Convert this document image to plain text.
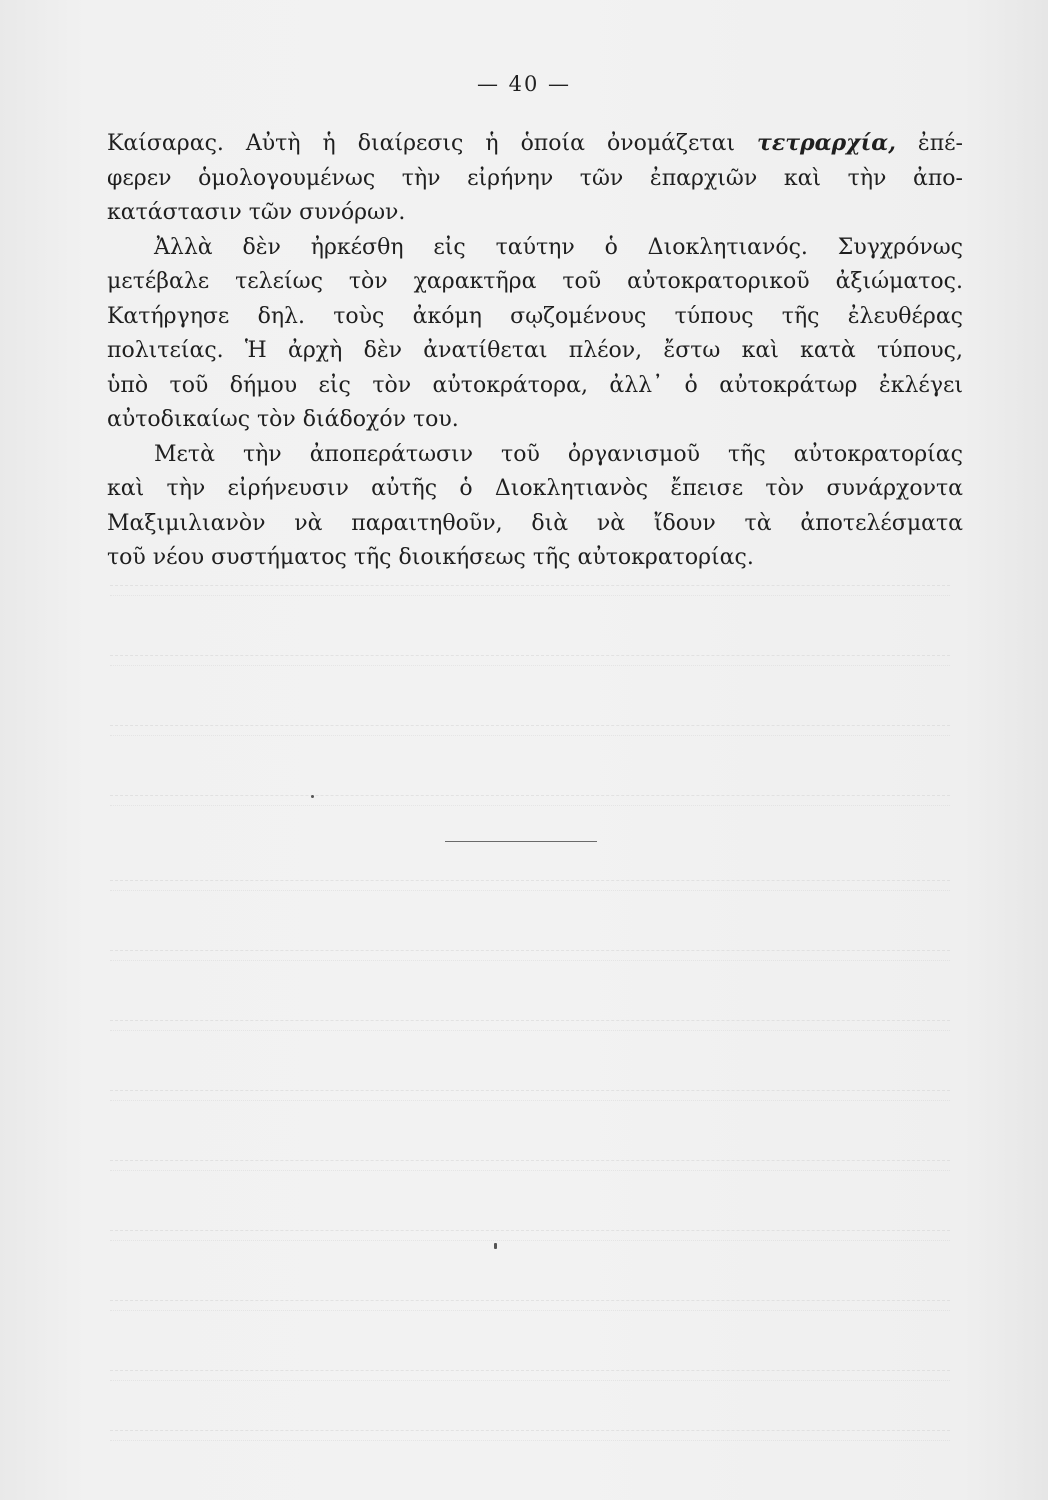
— 40 —
Καίσαρας. Αὐτὴ ἡ διαίρεσις ἡ ὁποία ὀνομάζεται τετραρχία, ἐπέ-
φερεν ὁμολογουμένως τὴν εἰρήνην τῶν ἐπαρχιῶν καὶ τὴν ἀπο-
κατάστασιν τῶν συνόρων.
Ἀλλὰ δὲν ἠρκέσθη εἰς ταύτην ὁ Διοκλητιανός. Συγχρόνως
μετέβαλε τελείως τὸν χαρακτῆρα τοῦ αὐτοκρατορικοῦ ἀξιώματος.
Κατήργησε δηλ. τοὺς ἀκόμη σῳζομένους τύπους τῆς ἐλευθέρας
πολιτείας. Ἡ ἀρχὴ δὲν ἀνατίθεται πλέον, ἔστω καὶ κατὰ τύπους,
ὑπὸ τοῦ δήμου εἰς τὸν αὐτοκράτορα, ἀλλ᾽ ὁ αὐτοκράτωρ ἐκλέγει
αὐτοδικαίως τὸν διάδοχόν του.
Μετὰ τὴν ἀποπεράτωσιν τοῦ ὀργανισμοῦ τῆς αὐτοκρατορίας
καὶ τὴν εἰρήνευσιν αὐτῆς ὁ Διοκλητιανὸς ἔπεισε τὸν συνάρχοντα
Μαξιμιλιανὸν νὰ παραιτηθοῦν, διὰ νὰ ἴδουν τὰ ἀποτελέσματα
τοῦ νέου συστήματος τῆς διοικήσεως τῆς αὐτοκρατορίας.
